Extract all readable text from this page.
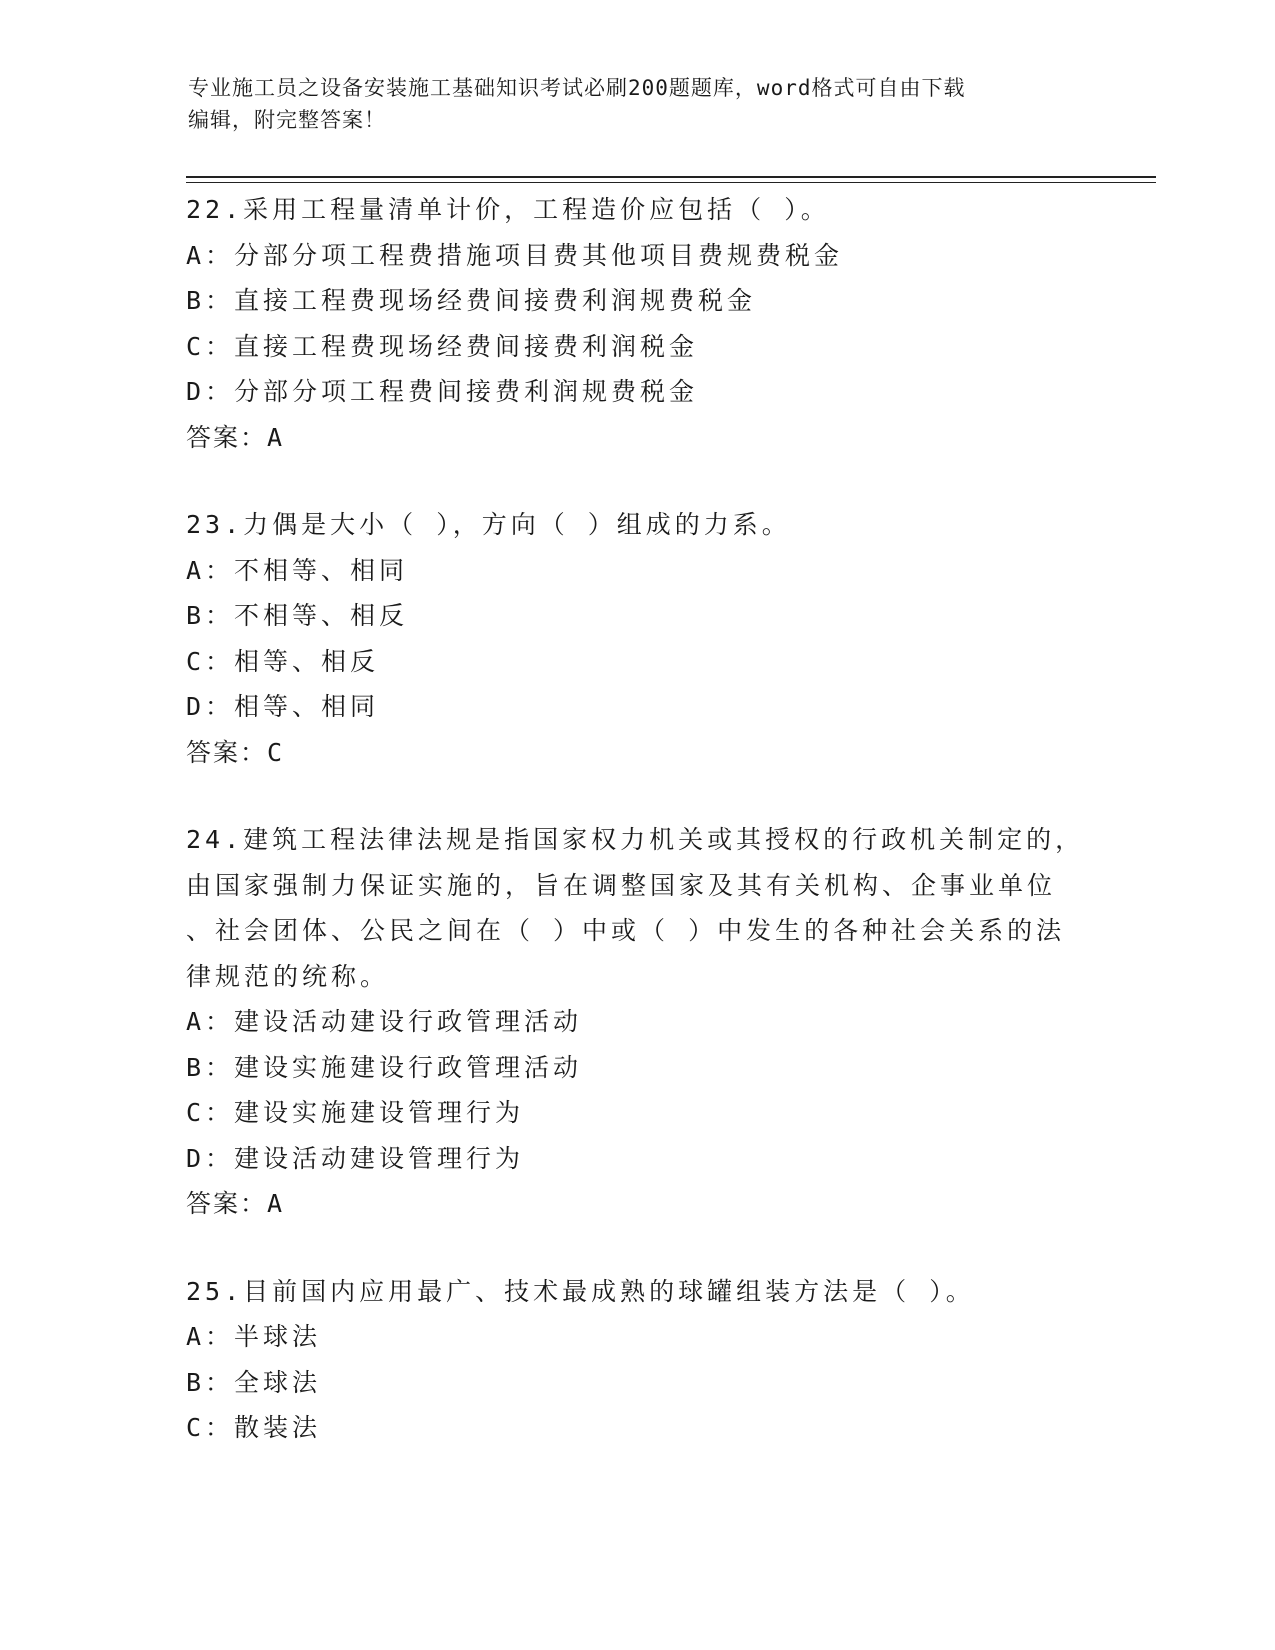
专业施工员之设备安装施工基础知识考试必刷200题题库，word格式可自由下载
编辑，附完整答案！
22.采用工程量清单计价，工程造价应包括（ ）。
A：分部分项工程费措施项目费其他项目费规费税金
B：直接工程费现场经费间接费利润规费税金
C：直接工程费现场经费间接费利润税金
D：分部分项工程费间接费利润规费税金
答案：A
23.力偶是大小（ ），方向（ ）组成的力系。
A：不相等、相同
B：不相等、相反
C：相等、相反
D：相等、相同
答案：C
24.建筑工程法律法规是指国家权力机关或其授权的行政机关制定的，
由国家强制力保证实施的，旨在调整国家及其有关机构、企事业单位
、社会团体、公民之间在（ ）中或（ ）中发生的各种社会关系的法
律规范的统称。
A：建设活动建设行政管理活动
B：建设实施建设行政管理活动
C：建设实施建设管理行为
D：建设活动建设管理行为
答案：A
25.目前国内应用最广、技术最成熟的球罐组装方法是（ ）。
A：半球法
B：全球法
C：散装法
